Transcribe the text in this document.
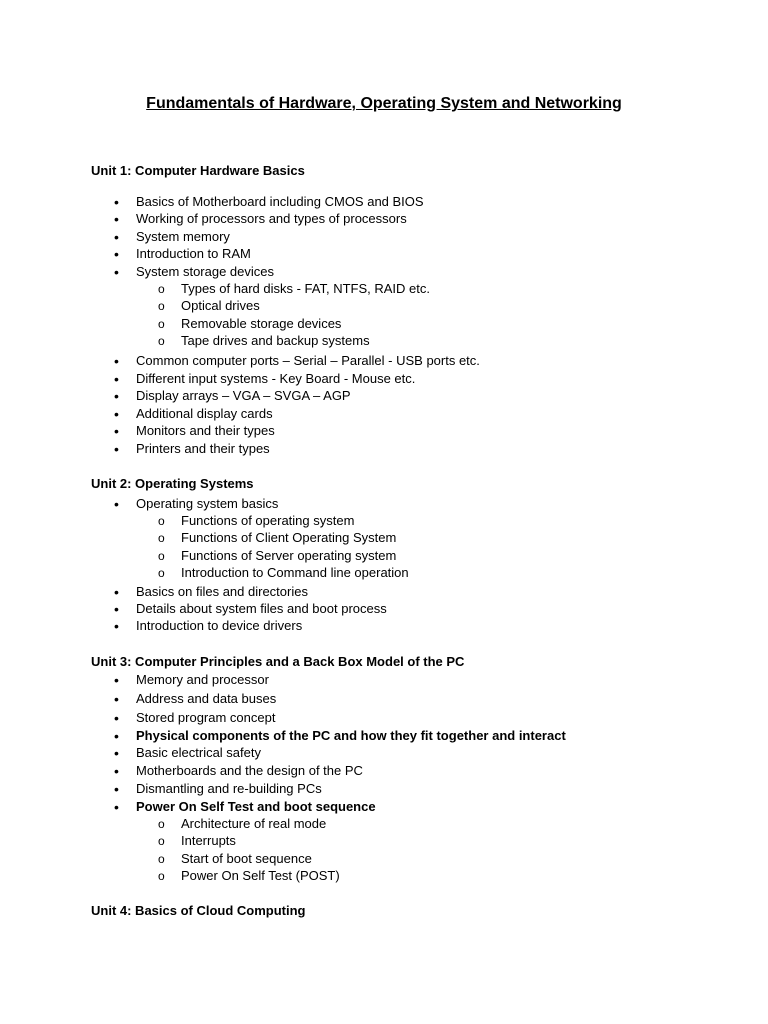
Fundamentals of Hardware, Operating System and Networking
Unit 1: Computer Hardware Basics
• Basics of Motherboard including CMOS and BIOS
• Working of processors and types of processors
• System memory
• Introduction to RAM
• System storage devices
o Types of hard disks - FAT, NTFS, RAID etc.
o Optical drives
o Removable storage devices
o Tape drives and backup systems
• Common computer ports – Serial – Parallel - USB ports etc.
• Different input systems - Key Board - Mouse etc.
• Display arrays – VGA – SVGA – AGP
• Additional display cards
• Monitors and their types
• Printers and their types
Unit 2: Operating Systems
• Operating system basics
o Functions of operating system
o Functions of Client Operating System
o Functions of Server operating system
o Introduction to Command line operation
• Basics on files and directories
• Details about system files and boot process
• Introduction to device drivers
Unit 3: Computer Principles and a Back Box Model of the PC
• Memory and processor
• Address and data buses
• Stored program concept
• Physical components of the PC and how they fit together and interact
• Basic electrical safety
• Motherboards and the design of the PC
• Dismantling and re-building PCs
• Power On Self Test and boot sequence
o Architecture of real mode
o Interrupts
o Start of boot sequence
o Power On Self Test (POST)
Unit 4: Basics of Cloud Computing
